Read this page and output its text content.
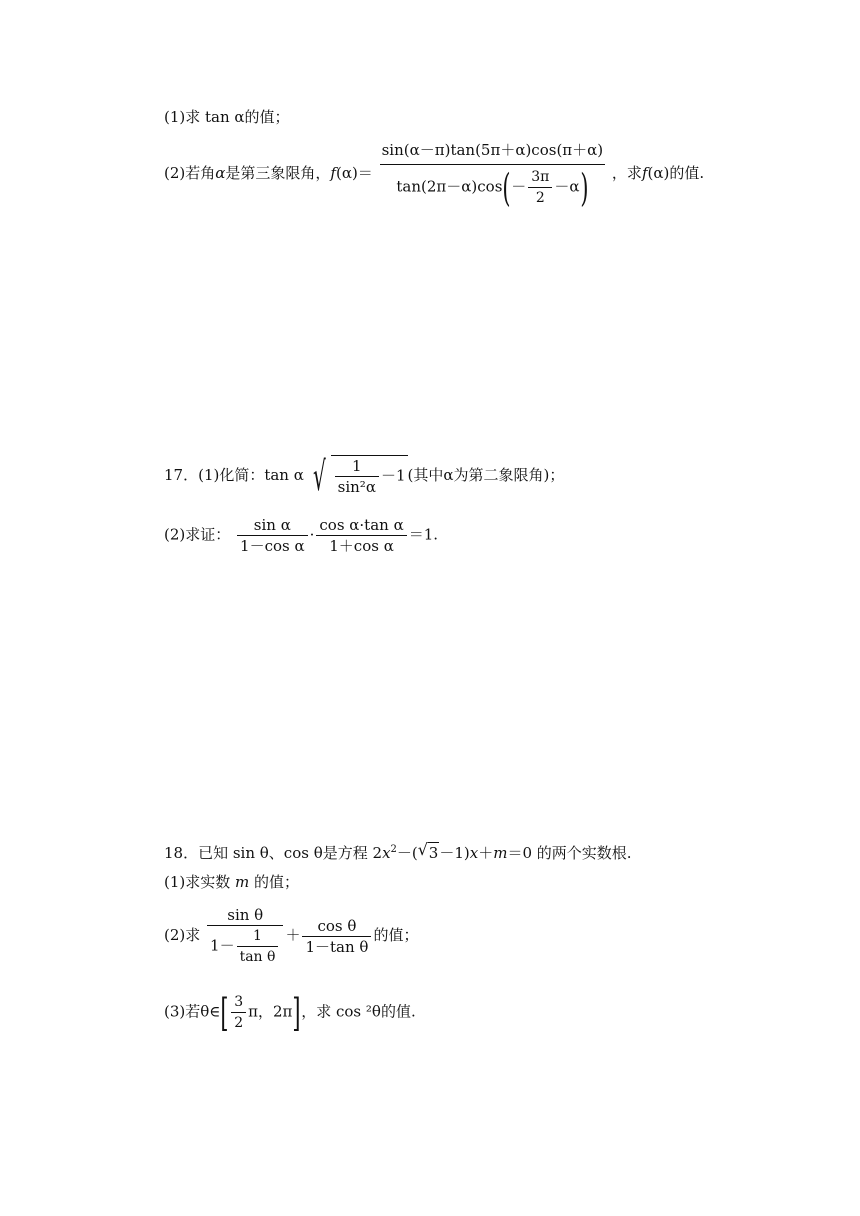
(1)求 tan α的值；
(2)若角α是第三象限角，$f(\alpha)= \frac{\sin(\alpha-\pi)\tan(5\pi+\alpha)\cos(\pi+\alpha)}{\tan(2\pi-\alpha)\cos(- \frac{3\pi}{2} -\alpha)}$ ，求f(α)的值.
17．(1)化简：tan α √ $\frac{1}{\text{sin²α}} -1$ (其中α为第二象限角)；
(2)求证： $\frac{\text{sin α}}{\text{1－cos α}} \cdot \frac{\text{cos α·tan α}}{\text{1＋cos α}} =1$.
18．已知 sin θ、cos θ是方程 $2x^2-(√$ 3－1)x＋m＝0 的两个实数根.
(1)求实数 m 的值；
(2)求 $\frac{\text{sin θ}}{1- \frac{1}{\text{tan θ}}} + \frac{\text{cos θ}}{\text{1－tan θ}}$ 的值；
(3)若θ∈[ $\frac{3}{2}$ π，2π]，求 cos ²θ的值.
